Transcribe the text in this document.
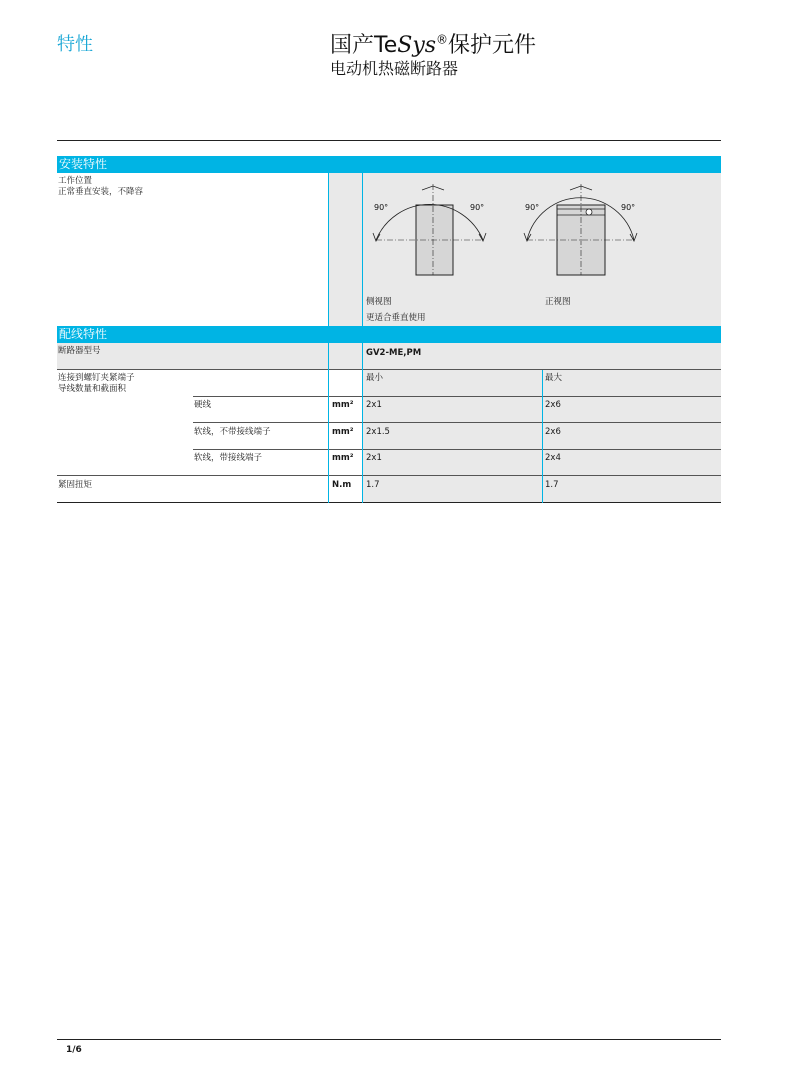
特性	国产TeSys®保护元件
电动机热磁断路器
安装特性
工作位置
正常垂直安装，不降容
90°	90°	90°	90°
侧视图	正视图
更适合垂直使用
配线特性
断路器型号	GV2-ME,PM
连接到螺钉夹紧端子
导线数量和截面积
最小	最大
硬线	mm² 2x1	2x6
软线，不带接线端子	mm² 2x1.5	2x6
软线，带接线端子	mm² 2x1	2x4
紧固扭矩	N.m 1.7	1.7
1/6
